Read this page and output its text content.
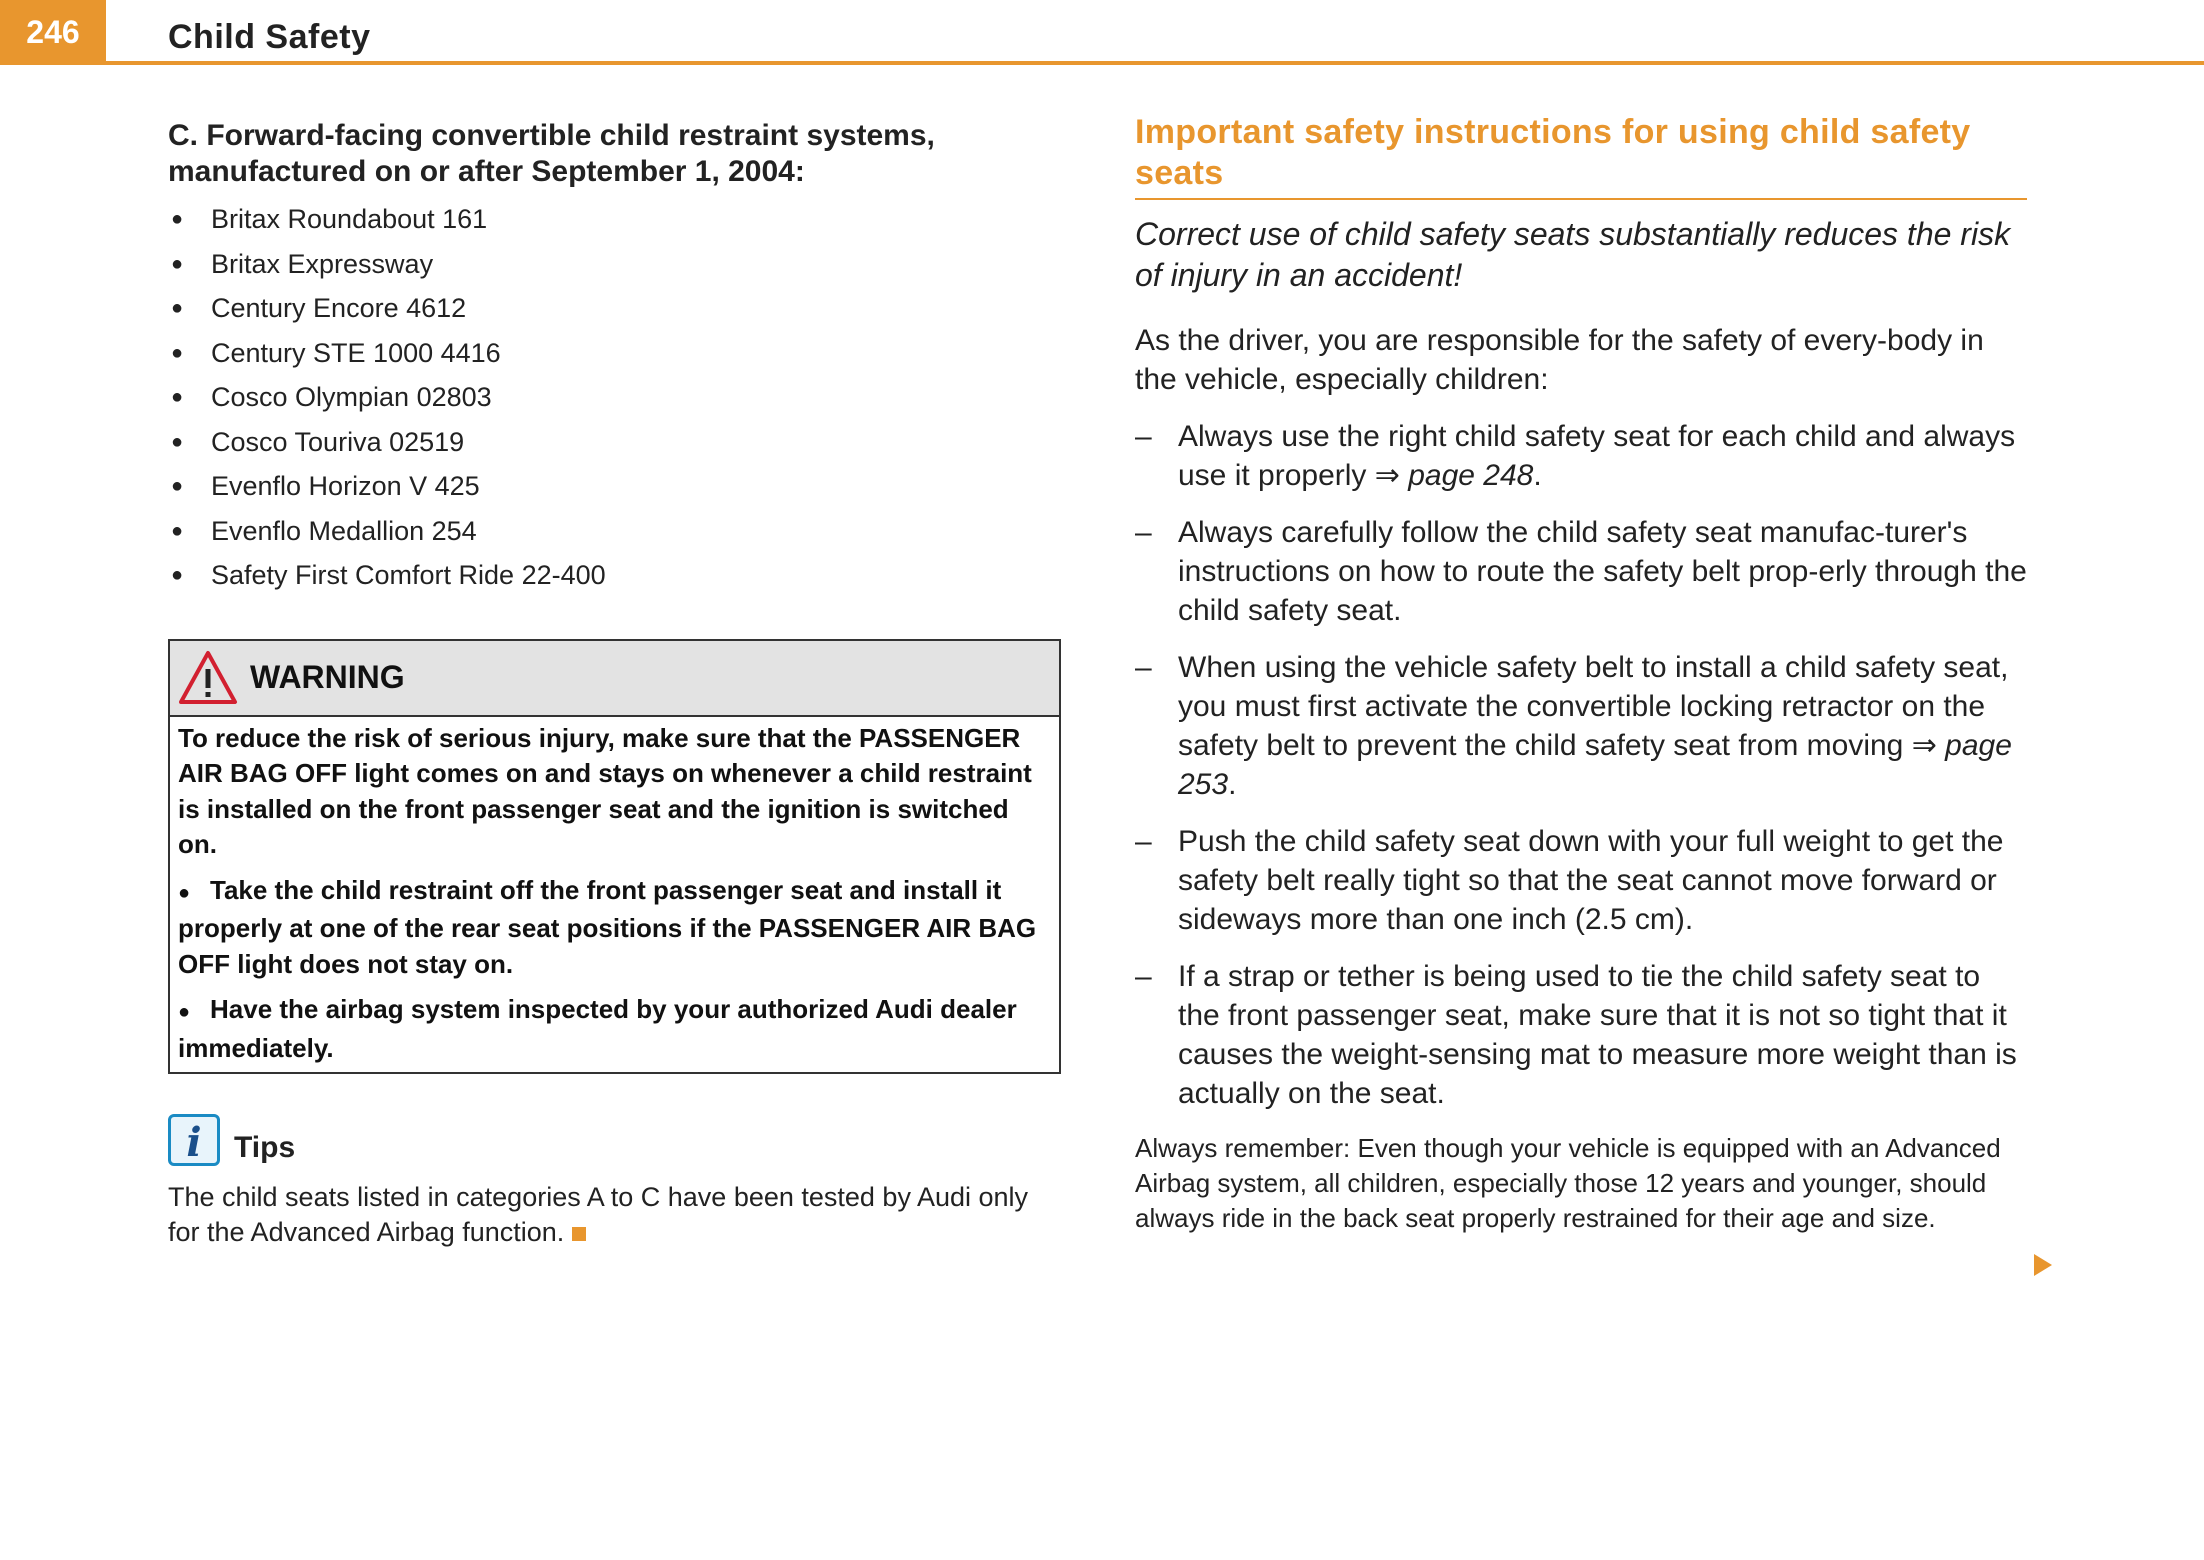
246	Child Safety
C. Forward-facing convertible child restraint systems, manufactured on or after September 1, 2004:
● Britax Roundabout 161
● Britax Expressway
● Century Encore 4612
● Century STE 1000 4416
● Cosco Olympian 02803
● Cosco Touriva 02519
● Evenflo Horizon V 425
● Evenflo Medallion 254
● Safety First Comfort Ride 22-400
WARNING

To reduce the risk of serious injury, make sure that the PASSENGER AIR BAG OFF light comes on and stays on whenever a child restraint is installed on the front passenger seat and the ignition is switched on.

● Take the child restraint off the front passenger seat and install it properly at one of the rear seat positions if the PASSENGER AIR BAG OFF light does not stay on.

● Have the airbag system inspected by your authorized Audi dealer immediately.

i	Tips
The child seats listed in categories A to C have been tested by Audi only for the Advanced Airbag function.
Important safety instructions for using child safety seats

Correct use of child safety seats substantially reduces the risk of injury in an accident!

As the driver, you are responsible for the safety of every-body in the vehicle, especially children:

– Always use the right child safety seat for each child and always use it properly ⇒ page 248.
– Always carefully follow the child safety seat manufac-turer's instructions on how to route the safety belt prop-erly through the child safety seat.
– When using the vehicle safety belt to install a child safety seat, you must first activate the convertible locking retractor on the safety belt to prevent the child safety seat from moving ⇒ page 253.
– Push the child safety seat down with your full weight to get the safety belt really tight so that the seat cannot move forward or sideways more than one inch (2.5 cm).
– If a strap or tether is being used to tie the child safety seat to the front passenger seat, make sure that it is not so tight that it causes the weight-sensing mat to measure more weight than is actually on the seat.

Always remember: Even though your vehicle is equipped with an Advanced Airbag system, all children, especially those 12 years and younger, should always ride in the back seat properly restrained for their age and size.
